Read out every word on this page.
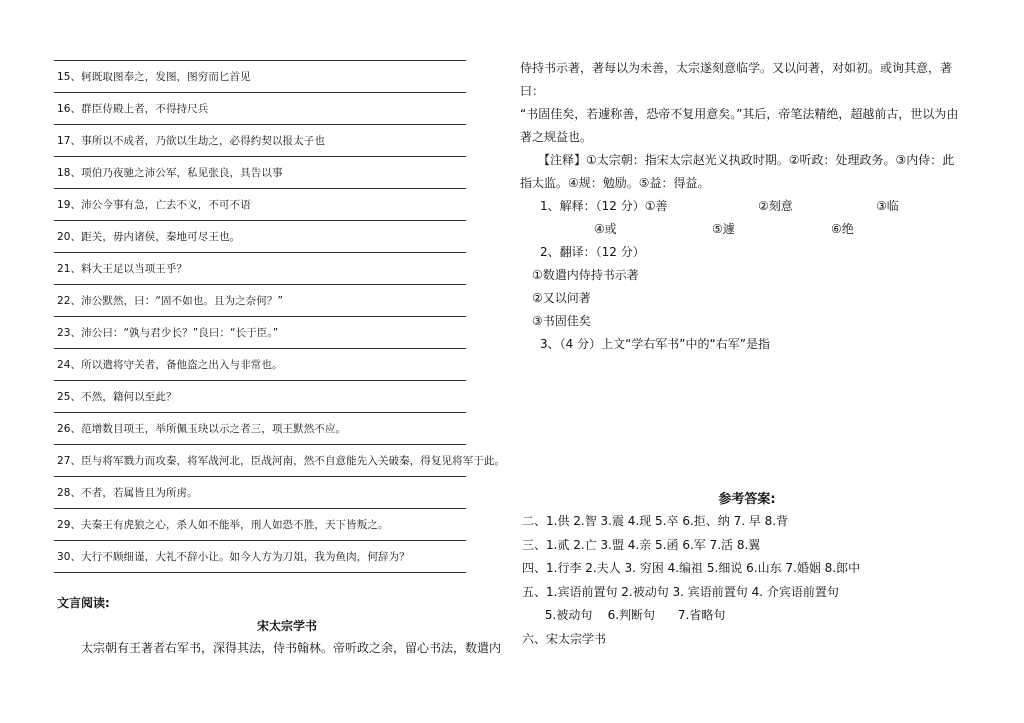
15、轲既取图奉之，发图，图穷而匕首见
16、群臣侍殿上者，不得持尺兵
17、事所以不成者，乃欲以生劫之，必得约契以报太子也
18、项伯乃夜驰之沛公军，私见张良，具告以事
19、沛公今事有急，亡去不义，不可不语
20、距关，毋内诸侯，秦地可尽王也。
21、料大王足以当项王乎？
22、沛公默然，曰：“固不如也。且为之奈何？”
23、沛公曰：“孰与君少长？”良曰：“长于臣。”
24、所以遣将守关者，备他盗之出入与非常也。
25、不然，籍何以至此？
26、范增数目项王，举所佩玉玦以示之者三，项王默然不应。
27、臣与将军戮力而攻秦，将军战河北，臣战河南，然不自意能先入关破秦，得复见将军于此。
28、不者，若属皆且为所虏。
29、夫秦王有虎狼之心，杀人如不能举，刑人如恐不胜，天下皆叛之。
30、大行不顾细谨，大礼不辞小让。如今人方为刀俎，我为鱼肉，何辞为？
文言阅读:
宋太宗学书
太宗朝有王著者右军书，深得其法，侍书翰林。帝听政之余，留心书法，数遣内

侍持书示著，著每以为未善，太宗遂刻意临学。又以问著，对如初。或询其意，著曰：

“书固佳矣，若遽称善，恐帝不复用意矣。”其后，帝笔法精绝，超越前古，世以为由

著之规益也。

【注释】①太宗朝：指宋太宗赵光义执政时期。②听政：处理政务。③内侍：此

指太监。④规：勉励。⑤益：得益。

1、解释：（12 分）①善	②刻意	③临
④或	⑤遽	⑥绝
2、翻译：（12 分）
①数遣内侍持书示著
②又以问著
③书固佳矣
3、（4 分）上文“学右军书”中的“右军”是指
参考答案:
二、1.供 2.智 3.震 4.现 5.卒 6.拒、纳 7. 早 8.背
三、1.贰 2.亡 3.盟 4.亲 5.函 6.军 7.活 8.翼
四、1.行李 2.夫人 3. 穷困 4.编祖 5.细说 6.山东 7.婚姻 8.郎中
五、1.宾语前置句 2.被动句 3. 宾语前置句 4. 介宾语前置句
5.被动句    6.判断句      7.省略句
六、宋太宗学书
